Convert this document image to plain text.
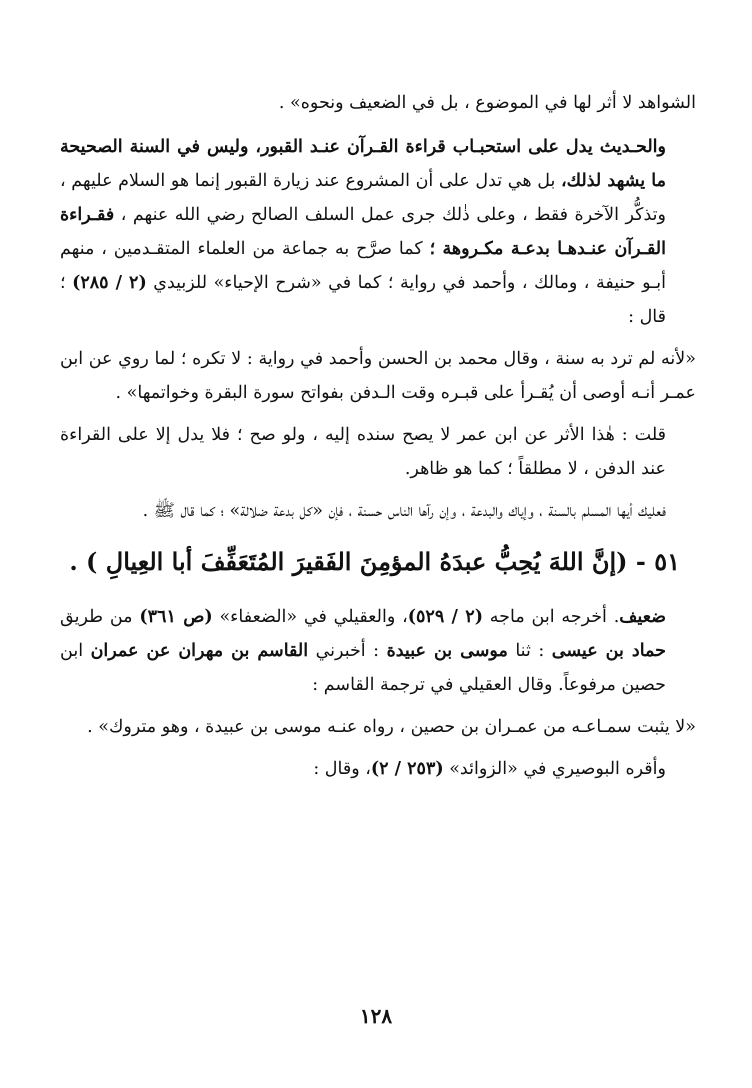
الشواهد لا أثر لها في الموضوع ، بل في الضعيف ونحوه» .

والحـديث يدل على استحبـاب قراءة القـرآن عنـد القبور، وليس في السنة الصحيحة ما يشهد لذلك، بل هي تدل على أن المشروع عند زيارة القبور إنما هو السلام عليهم ، وتذكُّر الآخرة فقط ، وعلى ذٰلك جرى عمل السلف الصالح رضي الله عنهم ، فقـراءة القـرآن عنـدهـا بدعـة مكـروهة ؛ كما صرَّح به جماعة من العلماء المتقـدمين ، منهم أبـو حنيفة ، ومالك ، وأحمد في رواية ؛ كما في «شرح الإحياء» للزبيدي (٢ / ٢٨٥) ؛ قال :

«لأنه لم ترد به سنة ، وقال محمد بن الحسن وأحمد في رواية : لا تكره ؛ لما روي عن ابن عمـر أنـه أوصى أن يُقـرأ على قبـره وقت الـدفن بفواتح سورة البقرة وخواتمها» .

قلت : هٰذا الأثر عن ابن عمر لا يصح سنده إليه ، ولو صح ؛ فلا يدل إلا على القراءة عند الدفن ، لا مطلقاً ؛ كما هو ظاهر.

فعليك أيها المسلم بالسنة ، وإياك والبدعة ، وإن رآها الناس حسنة ، فإن «كل بدعة ضلالة» ؛ كما قال ﷺ .

٥١ - (إنَّ اللهَ يُحِبُّ عبدَهُ المؤمِنَ الفَقيرَ المُتَعَفِّفَ أبا العِيالِ ) .

ضعيف. أخرجه ابن ماجه (٢ / ٥٢٩)، والعقيلي في «الضعفاء» (ص ٣٦١) من طريق حماد بن عيسى : ثنا موسى بن عبيدة : أخبرني القاسم بن مهران عن عمران ابن حصين مرفوعاً. وقال العقيلي في ترجمة القاسم :

«لا يثبت سمـاعـه من عمـران بن حصين ، رواه عنـه موسى بن عبيدة ، وهو متروك» .

وأقره البوصيري في «الزوائد» (٢٥٣ / ٢)، وقال :

١٢٨
